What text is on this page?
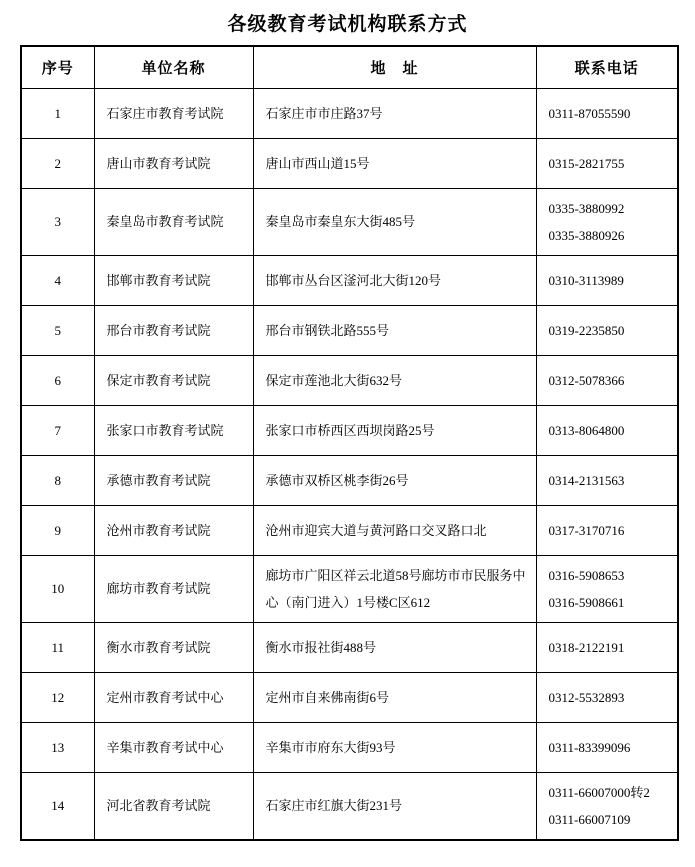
各级教育考试机构联系方式
序号	单位名称	地　址	联系电话
1	石家庄市教育考试院	石家庄市市庄路37号	0311-87055590

2	唐山市教育考试院	唐山市西山道15号	0315-2821755

3	秦皇岛市教育考试院	秦皇岛市秦皇东大街485号	0335-3880992
0335-3880926

4	邯郸市教育考试院	邯郸市丛台区滏河北大街120号	0310-3113989

5	邢台市教育考试院	邢台市钢铁北路555号	0319-2235850

6	保定市教育考试院	保定市莲池北大街632号	0312-5078366

7	张家口市教育考试院	张家口市桥西区西坝岗路25号	0313-8064800

8	承德市教育考试院	承德市双桥区桃李街26号	0314-2131563

9	沧州市教育考试院	沧州市迎宾大道与黄河路口交叉路口北	0317-3170716

10	廊坊市教育考试院	廊坊市广阳区祥云北道58号廊坊市市民服务中心（南门进入）1号楼C区612	0316-5908653
0316-5908661

11	衡水市教育考试院	衡水市报社街488号	0318-2122191

12	定州市教育考试中心	定州市自来佛南街6号	0312-5532893

13	辛集市教育考试中心	辛集市市府东大街93号	0311-83399096

14	河北省教育考试院	石家庄市红旗大街231号	0311-66007000转2
0311-66007109
